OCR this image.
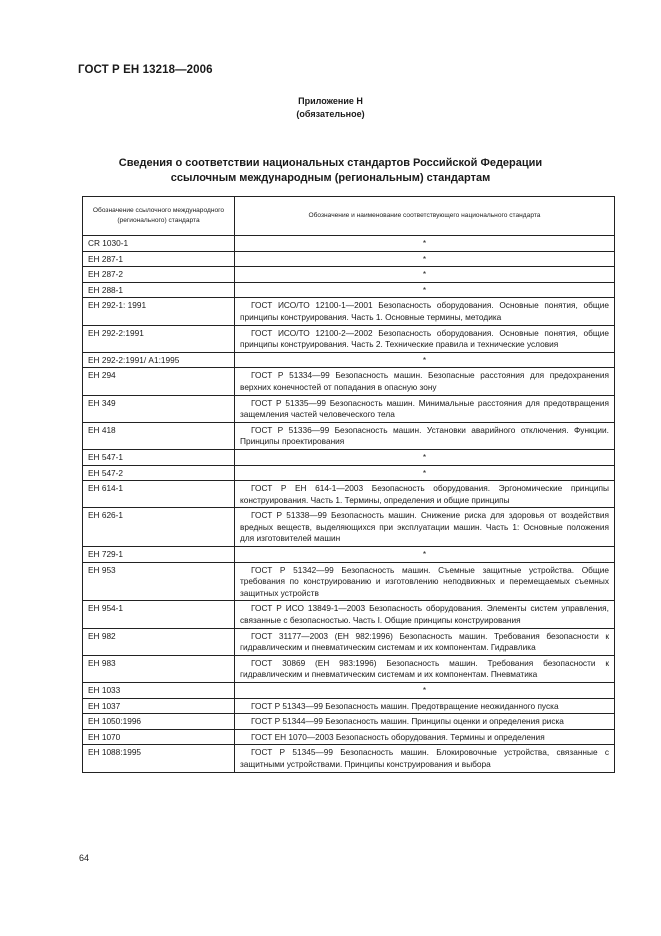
ГОСТ Р ЕН 13218—2006
Приложение Н
(обязательное)
Сведения о соответствии национальных стандартов Российской Федерации
ссылочным международным (региональным) стандартам
Обозначение ссылочного международного (регионального) стандарта	Обозначение и наименование соответствующего национального стандарта
CR 1030-1	*
ЕН 287-1	*
ЕН 287-2	*
ЕН 288-1	*
ЕН 292-1: 1991	ГОСТ ИСО/ТО 12100-1—2001 Безопасность оборудования. Основные понятия, общие принципы конструирования. Часть 1. Основные термины, методика

ЕН 292-2:1991	ГОСТ ИСО/ТО 12100-2—2002 Безопасность оборудования. Основные понятия, общие принципы конструирования. Часть 2. Технические правила и технические условия

ЕН 292-2:1991/ А1:1995	*
ЕН 294	ГОСТ Р 51334—99 Безопасность машин. Безопасные расстояния для предохранения верхних конечностей от попадания в опасную зону

ЕН 349	ГОСТ Р 51335—99 Безопасность машин. Минимальные расстояния для предотвращения защемления частей человеческого тела

ЕН 418	ГОСТ Р 51336—99 Безопасность машин. Установки аварийного отключения. Функции. Принципы проектирования

ЕН 547-1	*
ЕН 547-2	*
ЕН 614-1	ГОСТ Р ЕН 614-1—2003 Безопасность оборудования. Эргономические принципы конструирования. Часть 1. Термины, определения и общие принципы

ЕН 626-1	ГОСТ Р 51338—99 Безопасность машин. Снижение риска для здоровья от воздействия вредных веществ, выделяющихся при эксплуатации машин. Часть 1: Основные положения для изготовителей машин

ЕН 729-1	*
ЕН 953	ГОСТ Р 51342—99 Безопасность машин. Съемные защитные устройства. Общие требования по конструированию и изготовлению неподвижных и перемещаемых съемных защитных устройств

ЕН 954-1	ГОСТ Р ИСО 13849-1—2003 Безопасность оборудования. Элементы систем управления, связанные с безопасностью. Часть I. Общие принципы конструирования

ЕН 982	ГОСТ 31177—2003 (ЕН 982:1996) Безопасность машин. Требования безопасности к гидравлическим и пневматическим системам и их компонентам. Гидравлика

ЕН 983	ГОСТ 30869 (ЕН 983:1996) Безопасность машин. Требования безопасности к гидравлическим и пневматическим системам и их компонентам. Пневматика

ЕН 1033	*
ЕН 1037	ГОСТ Р 51343—99 Безопасность машин. Предотвращение неожиданного пуска

ЕН 1050:1996	ГОСТ Р 51344—99 Безопасность машин. Принципы оценки и определения риска

ЕН 1070	ГОСТ ЕН 1070—2003 Безопасность оборудования. Термины и определения

ЕН 1088:1995	ГОСТ Р 51345—99 Безопасность машин. Блокировочные устройства, связанные с защитными устройствами. Принципы конструирования и выбора
64
